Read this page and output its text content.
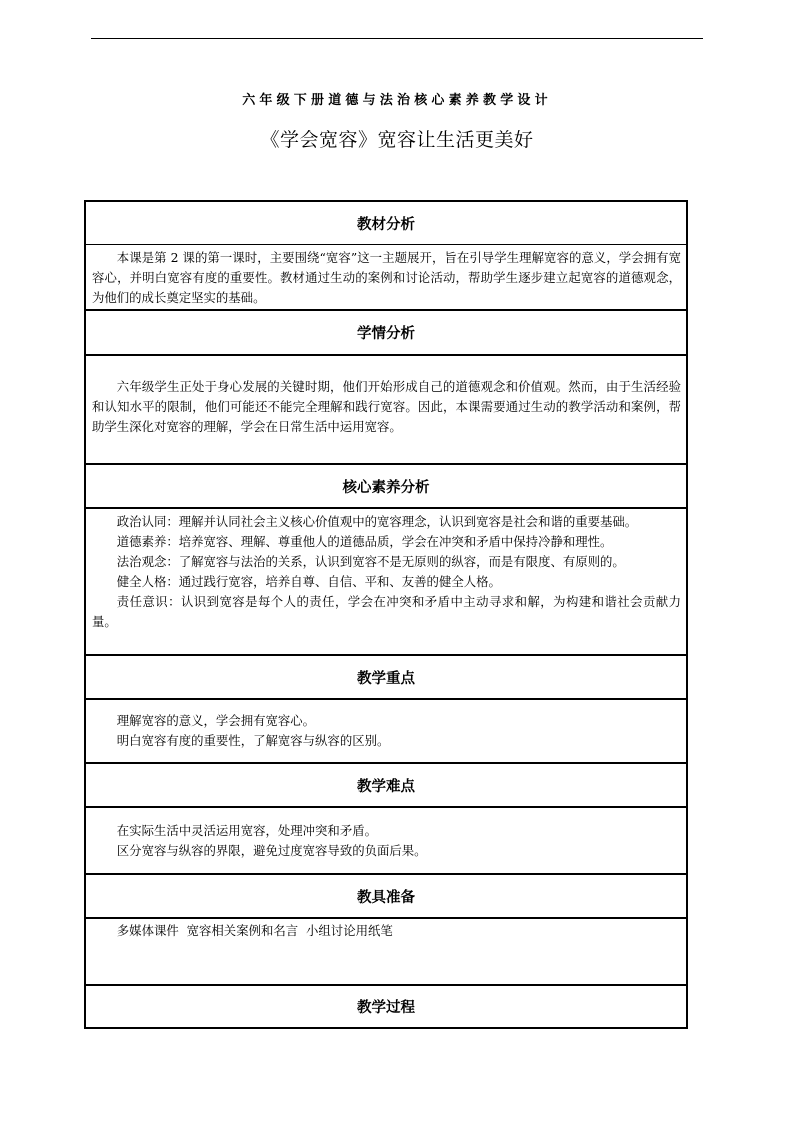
六年级下册道德与法治核心素养教学设计
《学会宽容》宽容让生活更美好
教材分析

本课是第 2 课的第一课时，主要围绕“宽容”这一主题展开，旨在引导学生理解宽容的意义，学会拥有宽容心，并明白宽容有度的重要性。教材通过生动的案例和讨论活动，帮助学生逐步建立起宽容的道德观念，为他们的成长奠定坚实的基础。

学情分析

六年级学生正处于身心发展的关键时期，他们开始形成自己的道德观念和价值观。然而，由于生活经验和认知水平的限制，他们可能还不能完全理解和践行宽容。因此，本课需要通过生动的教学活动和案例，帮助学生深化对宽容的理解，学会在日常生活中运用宽容。

核心素养分析

政治认同：理解并认同社会主义核心价值观中的宽容理念，认识到宽容是社会和谐的重要基础。

道德素养：培养宽容、理解、尊重他人的道德品质，学会在冲突和矛盾中保持冷静和理性。

法治观念：了解宽容与法治的关系，认识到宽容不是无原则的纵容，而是有限度、有原则的。

健全人格：通过践行宽容，培养自尊、自信、平和、友善的健全人格。

责任意识：认识到宽容是每个人的责任，学会在冲突和矛盾中主动寻求和解，为构建和谐社会贡献力量。

教学重点

理解宽容的意义，学会拥有宽容心。

明白宽容有度的重要性，了解宽容与纵容的区别。

教学难点

在实际生活中灵活运用宽容，处理冲突和矛盾。

区分宽容与纵容的界限，避免过度宽容导致的负面后果。

教具准备

多媒体课件  宽容相关案例和名言  小组讨论用纸笔

教学过程
